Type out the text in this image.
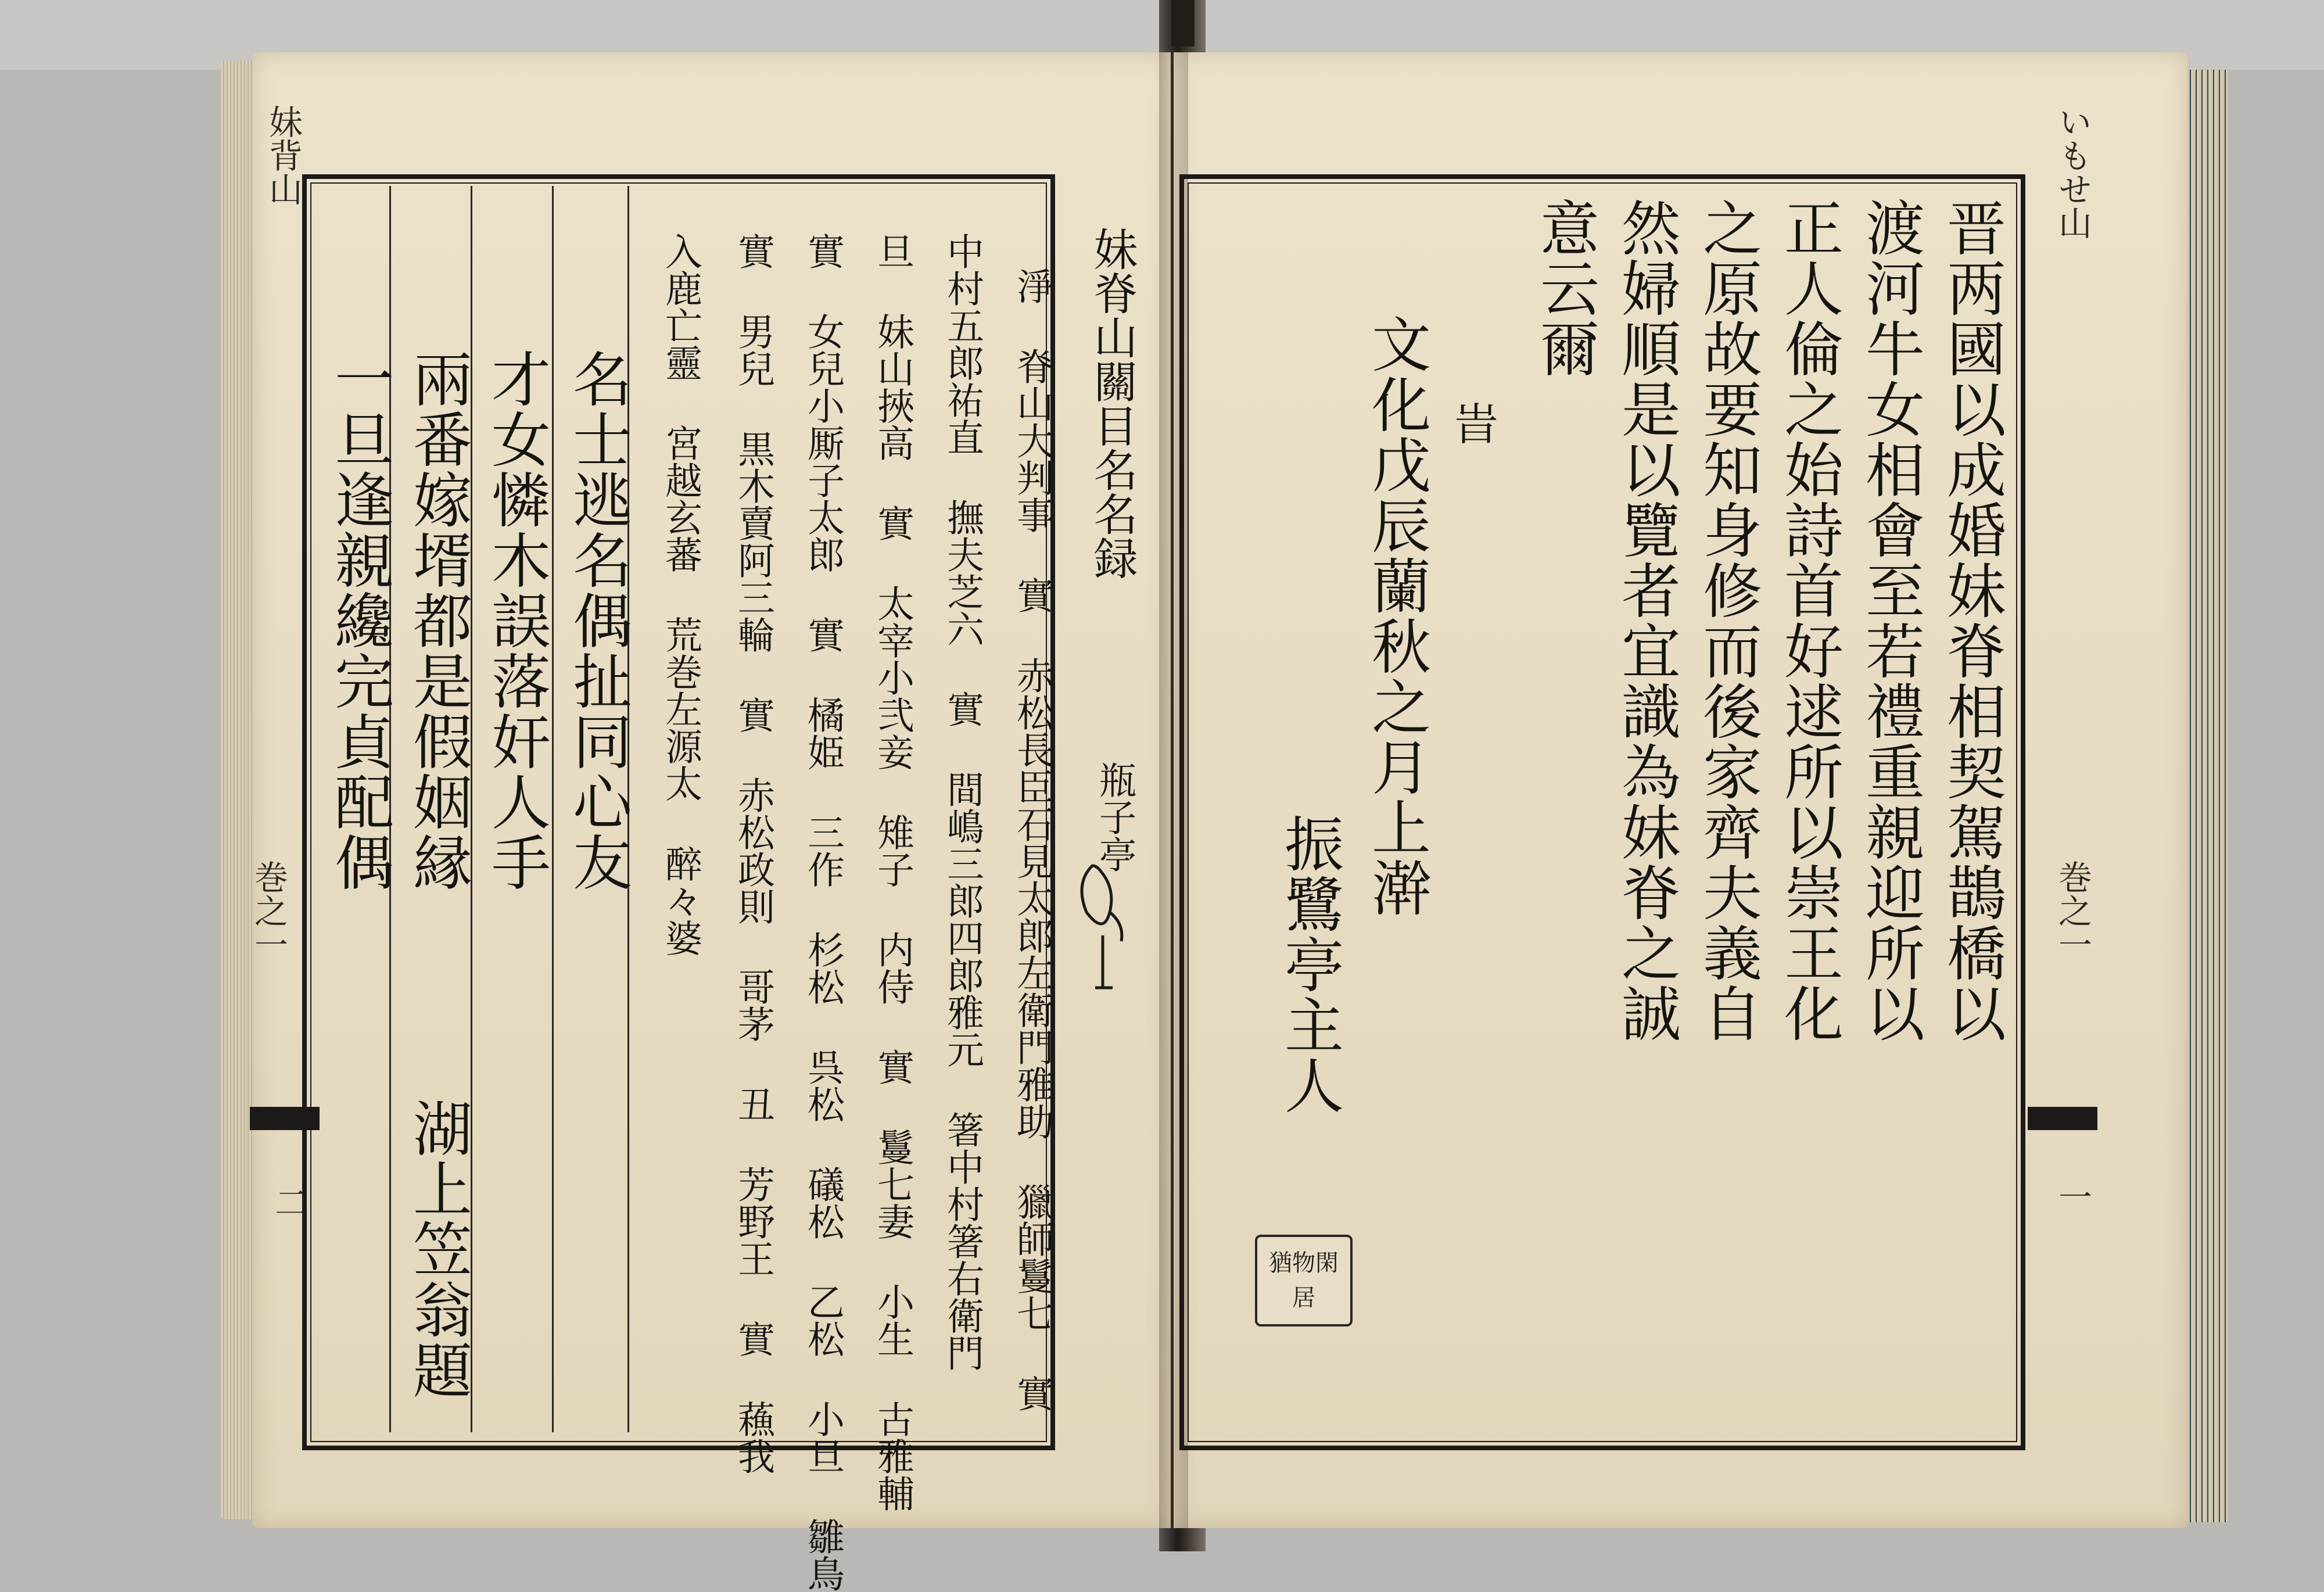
妹背山
巻之一
二
名士逃名偶扯同心友
才女憐木誤落奸人手
兩番嫁壻都是假姻縁
一旦逢親纔完貞配偶
湖上笠翁題	淨 脊山大判事 實 赤松長臣石見太郎左衛門雅助 獵師鬘七 實
中村五郎祐直 撫夫芝六 實 間嶋三郎四郎雅元 箸中村箸右衛門
旦 妹山挾高 實 太宰小弐妾 雉子 内侍 實 鬘七妻 小生 古雅輔
實 女兒小厮子太郎 實 橘姫 三作 杉松 呉松 礒松 乙松 小旦 雛鳥
實 男兒 黒木賣阿三輪 實 赤松政則 哥茅 丑 芳野王 實 蘓我
入鹿亡靈 宮越玄蕃 荒巻左源太 醉々婆	妹脊山關目名名録
瓶子亭
いもせ山
巻之一
一
晋两國以成婚妹脊相契駕鵲橋以
渡河牛女相會至若禮重親迎所以
正人倫之始詩首好逑所以崇王化
之原故要知身修而後家齊夫義自
然婦順是以覽者宜識為妹脊之誠
意云爾
旹
文化戊辰蘭秋之月上澣
振鷺亭主人
猶物閑居
